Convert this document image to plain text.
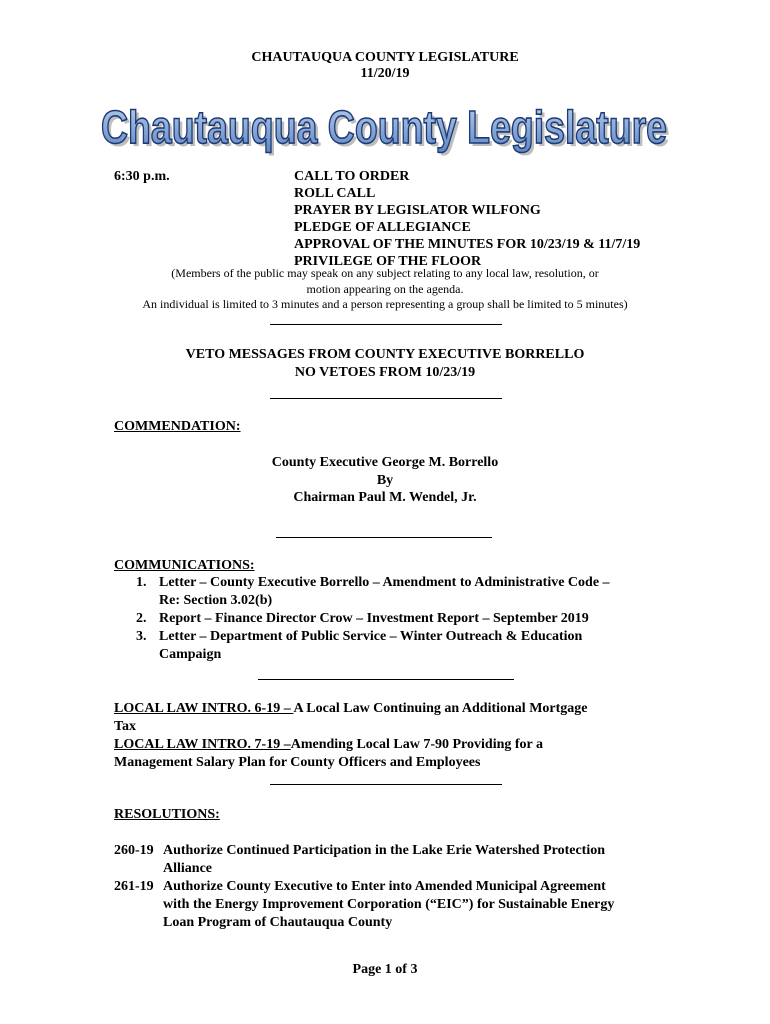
CHAUTAUQUA COUNTY LEGISLATURE
11/20/19
Chautauqua County Legislature
Chautauqua County Legislature
6:30 p.m.	CALL TO ORDER
ROLL CALL
PRAYER BY LEGISLATOR WILFONG
PLEDGE OF ALLEGIANCE
APPROVAL OF THE MINUTES FOR 10/23/19 & 11/7/19
PRIVILEGE OF THE FLOOR
(Members of the public may speak on any subject relating to any local law, resolution, or
motion appearing on the agenda.
An individual is limited to 3 minutes and a person representing a group shall be limited to 5 minutes)
VETO MESSAGES FROM COUNTY EXECUTIVE BORRELLO
NO VETOES FROM 10/23/19
COMMENDATION:
County Executive George M. Borrello
By
Chairman Paul M. Wendel, Jr.
COMMUNICATIONS:
1. Letter – County Executive Borrello – Amendment to Administrative Code –
Re: Section 3.02(b)
2. Report – Finance Director Crow – Investment Report – September 2019
3. Letter – Department of Public Service – Winter Outreach & Education
Campaign
LOCAL LAW INTRO. 6-19 – A Local Law Continuing an Additional Mortgage
Tax
LOCAL LAW INTRO. 7-19 –Amending Local Law 7-90 Providing for a
Management Salary Plan for County Officers and Employees
RESOLUTIONS:
260-19 Authorize Continued Participation in the Lake Erie Watershed Protection
Alliance
261-19 Authorize County Executive to Enter into Amended Municipal Agreement
with the Energy Improvement Corporation (“EIC”) for Sustainable Energy
Loan Program of Chautauqua County
Page 1 of 3
